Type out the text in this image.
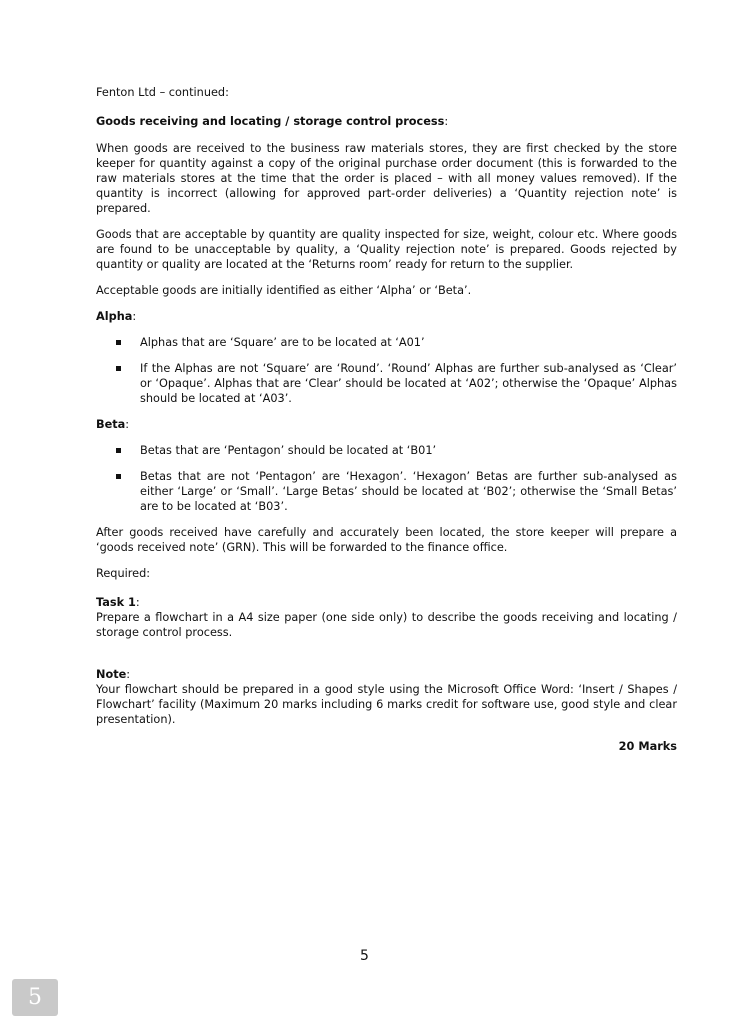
Fenton Ltd – continued:

Goods receiving and locating / storage control process:

When goods are received to the business raw materials stores, they are first checked by the store keeper for quantity against a copy of the original purchase order document (this is forwarded to the raw materials stores at the time that the order is placed – with all money values removed). If the quantity is incorrect (allowing for approved part-order deliveries) a ‘Quantity rejection note’ is prepared.

Goods that are acceptable by quantity are quality inspected for size, weight, colour etc. Where goods are found to be unacceptable by quality, a ‘Quality rejection note’ is prepared. Goods rejected by quantity or quality are located at the ‘Returns room’ ready for return to the supplier.

Acceptable goods are initially identified as either ‘Alpha’ or ‘Beta’.

Alpha:

Alphas that are ‘Square’ are to be located at ‘A01’
If the Alphas are not ‘Square’ are ‘Round’. ‘Round’ Alphas are further sub-analysed as ‘Clear’ or ‘Opaque’. Alphas that are ‘Clear’ should be located at ‘A02’; otherwise the ‘Opaque’ Alphas should be located at ‘A03’.

Beta:

Betas that are ‘Pentagon’ should be located at ‘B01’
Betas that are not ‘Pentagon’ are ‘Hexagon’. ‘Hexagon’ Betas are further sub-analysed as either ‘Large’ or ‘Small’. ‘Large Betas’ should be located at ‘B02’; otherwise the ‘Small Betas’ are to be located at ‘B03’.

After goods received have carefully and accurately been located, the store keeper will prepare a ‘goods received note’ (GRN). This will be forwarded to the finance office.

Required:

Task 1:

Prepare a flowchart in a A4 size paper (one side only) to describe the goods receiving and locating / storage control process.

Note:

Your flowchart should be prepared in a good style using the Microsoft Office Word: ‘Insert / Shapes / Flowchart’ facility (Maximum 20 marks including 6 marks credit for software use, good style and clear presentation).

20 Marks

5
5
